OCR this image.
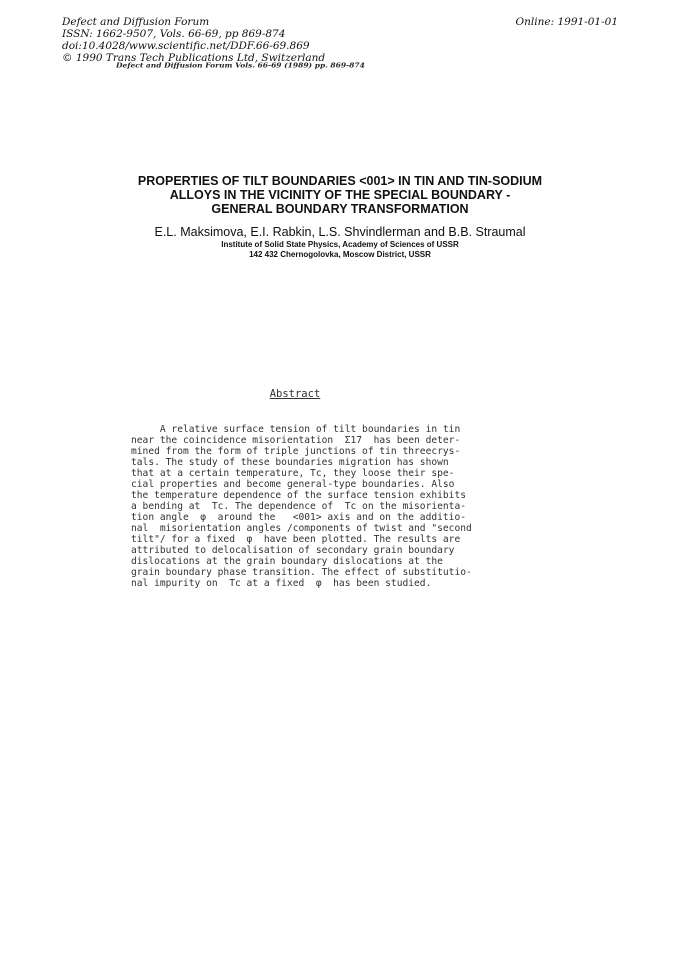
Defect and Diffusion Forum
ISSN: 1662-9507, Vols. 66-69, pp 869-874
doi:10.4028/www.scientific.net/DDF.66-69.869
© 1990 Trans Tech Publications Ltd, Switzerland
Online: 1991-01-01
Defect and Diffusion Forum Vols. 66-69 (1989) pp. 869-874
PROPERTIES OF TILT BOUNDARIES <001> IN TIN AND TIN-SODIUM
ALLOYS IN THE VICINITY OF THE SPECIAL BOUNDARY -
GENERAL BOUNDARY TRANSFORMATION
E.L. Maksimova, E.I. Rabkin, L.S. Shvindlerman and B.B. Straumal
Institute of Solid State Physics, Academy of Sciences of USSR
142 432 Chernogolovka, Moscow District, USSR
Abstract
A relative surface tension of tilt boundaries in tin
near the coincidence misorientation  Σ17  has been deter-
mined from the form of triple junctions of tin threecrys-
tals. The study of these boundaries migration has shown
that at a certain temperature, Tc, they loose their spe-
cial properties and become general-type boundaries. Also
the temperature dependence of the surface tension exhibits
a bending at  Tc. The dependence of  Tc on the misorienta-
tion angle  φ  around the   <001> axis and on the additio-
nal  misorientation angles /components of twist and "second
tilt"/ for a fixed  φ  have been plotted. The results are
attributed to delocalisation of secondary grain boundary
dislocations at the grain boundary dislocations at the
grain boundary phase transition. The effect of substitutio-
nal impurity on  Tc at a fixed  φ  has been studied.
